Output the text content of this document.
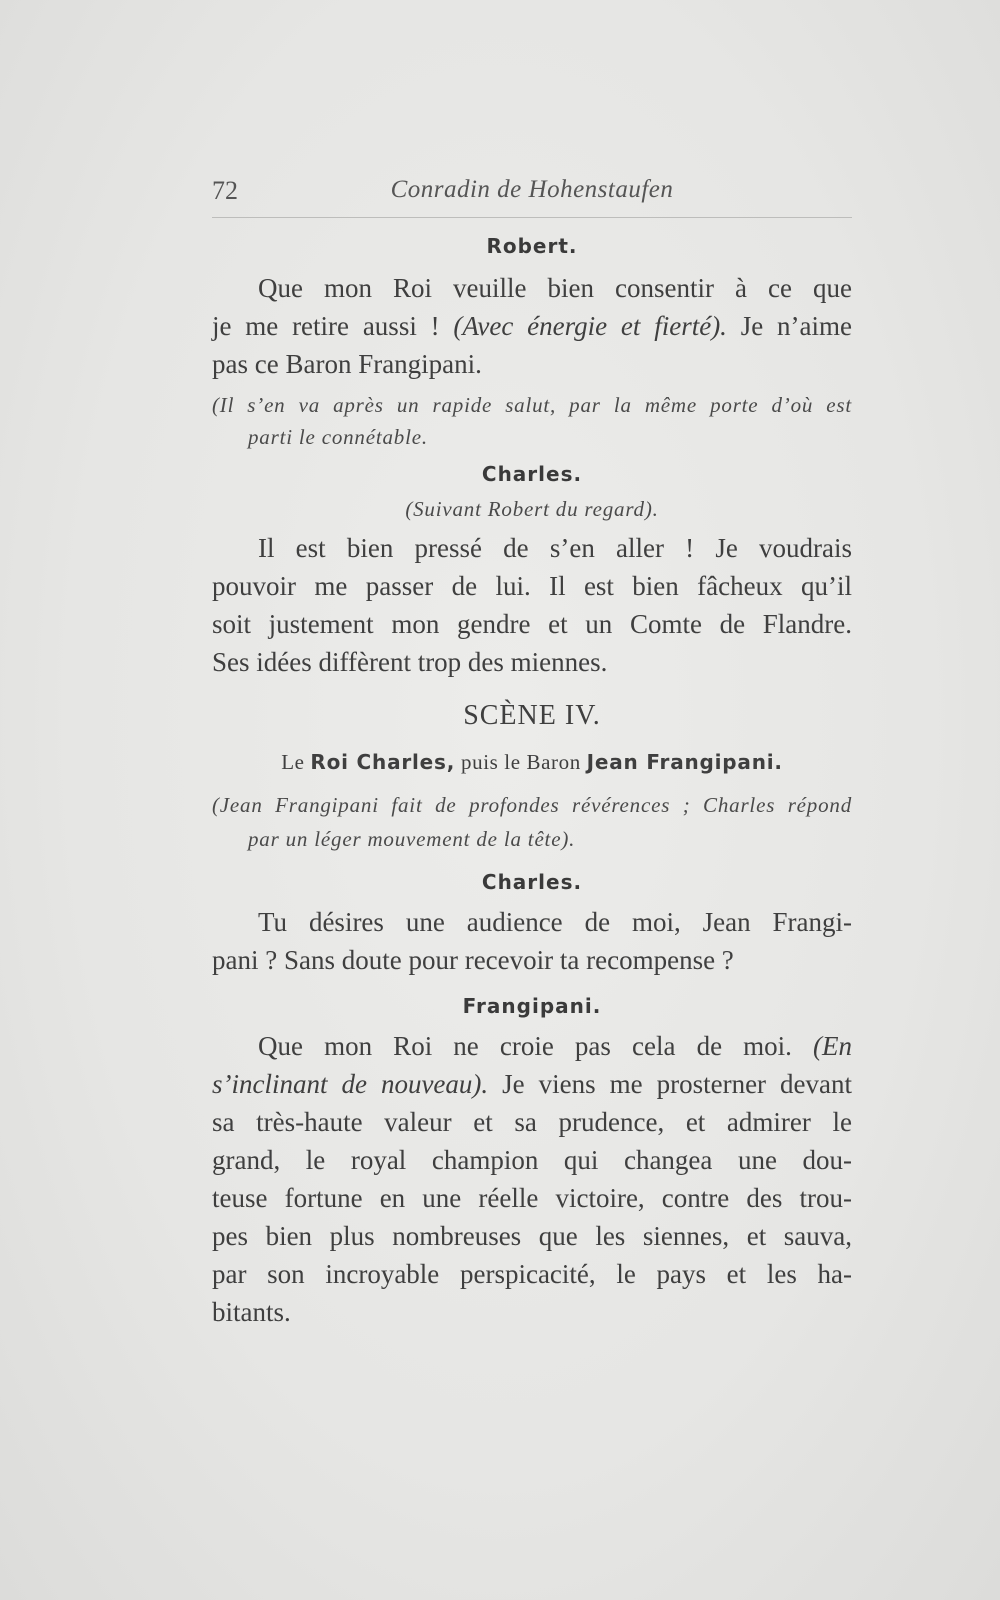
72	Conradin de Hohenstaufen
Robert.
Que mon Roi veuille bien consentir à ce que
je me retire aussi ! (Avec énergie et fierté). Je n’aime
pas ce Baron Frangipani.
(Il s’en va après un rapide salut, par la même porte d’où est
parti le connétable.
Charles.
(Suivant Robert du regard).
Il est bien pressé de s’en aller ! Je voudrais
pouvoir me passer de lui. Il est bien fâcheux qu’il
soit justement mon gendre et un Comte de Flandre.
Ses idées diffèrent trop des miennes.
SCÈNE IV.
Le Roi Charles, puis le Baron Jean Frangipani.
(Jean Frangipani fait de profondes révérences ; Charles répond
par un léger mouvement de la tête).
Charles.
Tu désires une audience de moi, Jean Frangi-
pani ? Sans doute pour recevoir ta recompense ?
Frangipani.
Que mon Roi ne croie pas cela de moi. (En
s’inclinant de nouveau). Je viens me prosterner devant
sa très-haute valeur et sa prudence, et admirer le
grand, le royal champion qui changea une dou-
teuse fortune en une réelle victoire, contre des trou-
pes bien plus nombreuses que les siennes, et sauva,
par son incroyable perspicacité, le pays et les ha-
bitants.
